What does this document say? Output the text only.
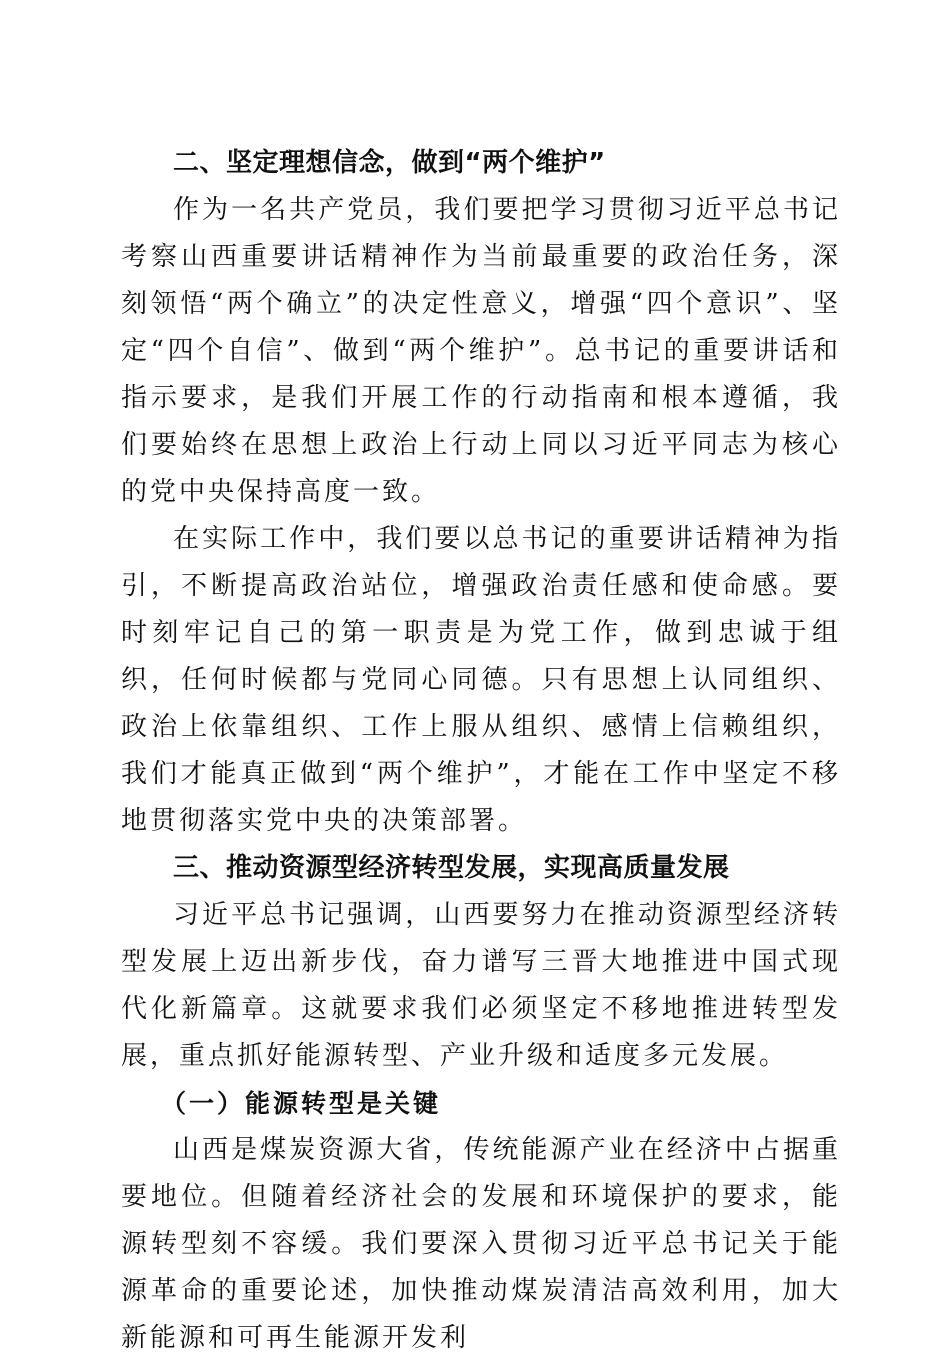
二、坚定理想信念，做到“两个维护”

作为一名共产党员，我们要把学习贯彻习近平总书记考察山西重要讲话精神作为当前最重要的政治任务，深刻领悟“两个确立”的决定性意义，增强“四个意识”、坚定“四个自信”、做到“两个维护”。总书记的重要讲话和指示要求，是我们开展工作的行动指南和根本遵循，我们要始终在思想上政治上行动上同以习近平同志为核心的党中央保持高度一致。

在实际工作中，我们要以总书记的重要讲话精神为指引，不断提高政治站位，增强政治责任感和使命感。要时刻牢记自己的第一职责是为党工作，做到忠诚于组织，任何时候都与党同心同德。只有思想上认同组织、政治上依靠组织、工作上服从组织、感情上信赖组织，我们才能真正做到“两个维护”，才能在工作中坚定不移地贯彻落实党中央的决策部署。

三、推动资源型经济转型发展，实现高质量发展

习近平总书记强调，山西要努力在推动资源型经济转型发展上迈出新步伐，奋力谱写三晋大地推进中国式现代化新篇章。这就要求我们必须坚定不移地推进转型发展，重点抓好能源转型、产业升级和适度多元发展。

（一）能源转型是关键

山西是煤炭资源大省，传统能源产业在经济中占据重要地位。但随着经济社会的发展和环境保护的要求，能源转型刻不容缓。我们要深入贯彻习近平总书记关于能源革命的重要论述，加快推动煤炭清洁高效利用，加大新能源和可再生能源开发利
